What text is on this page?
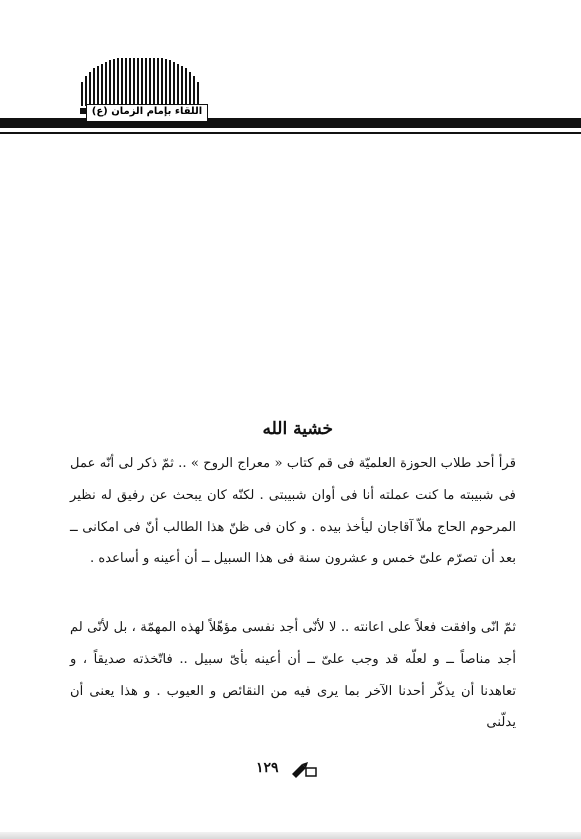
اللقاء بإمام الزمان (ع)
خشية الله
قرأ أحد طلاب الحوزة العلميّة فى قم كتاب « معراج الروح » .. ثمّ ذكر لى أنّه عمل فى شبيبته ما كنت عملته أنا فى أوان شبيبتى . لكنّه كان يبحث عن رفيق له نظير المرحوم الحاج ملاّ آقاجان ليأخذ بيده . و كان فى ظنّ هذا الطالب أنّ فى امكانى ــ بعد أن تصرّم علىّ خمس و عشرون سنة فى هذا السبيل ــ أن أعينه و أساعده .
ثمّ انّى وافقت فعلاً على اعانته .. لا لأنّى أجد نفسى مؤهّلاً لهذه المهمّة ، بل لأنّى لم أجد مناصاً ــ و لعلّه قد وجب علىّ ــ أن أعينه بأىّ سبيل .. فاتّخذته صديقاً ، و تعاهدنا أن يذكّر أحدنا الآخر بما يرى فيه من النقائص و العيوب . و هذا يعنى أن يدلّنى
١٢٩
